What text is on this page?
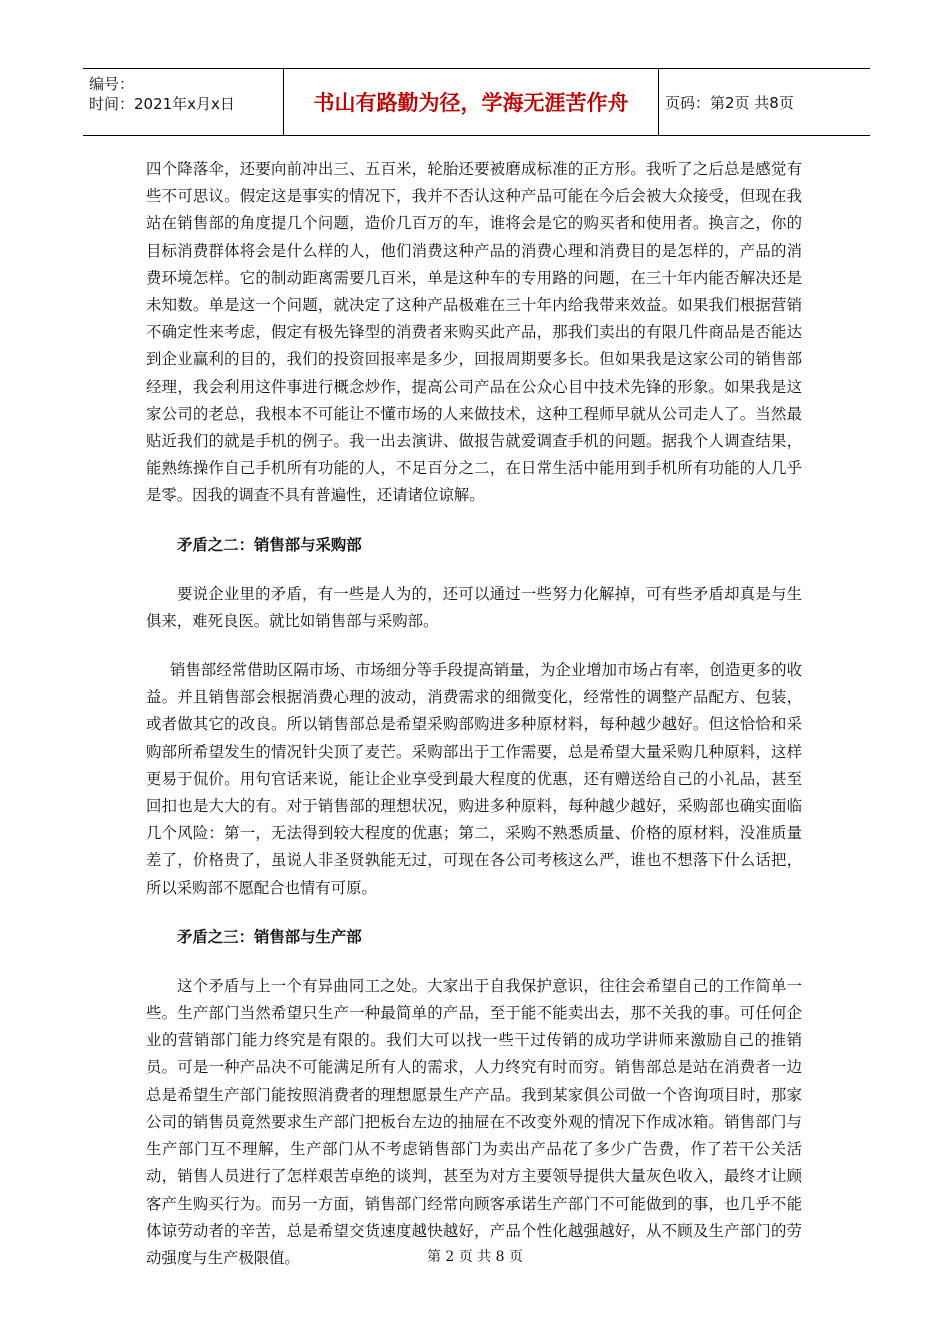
编号：
时间：2021年x月x日	书山有路勤为径，学海无涯苦作舟	页码：第2页 共8页

四个降落伞，还要向前冲出三、五百米，轮胎还要被磨成标准的正方形。我听了之后总是感觉有些不可思议。假定这是事实的情况下，我并不否认这种产品可能在今后会被大众接受，但现在我站在销售部的角度提几个问题，造价几百万的车，谁将会是它的购买者和使用者。换言之，你的目标消费群体将会是什么样的人，他们消费这种产品的消费心理和消费目的是怎样的，产品的消费环境怎样。它的制动距离需要几百米，单是这种车的专用路的问题，在三十年内能否解决还是未知数。单是这一个问题，就决定了这种产品极难在三十年内给我带来效益。如果我们根据营销不确定性来考虑，假定有极先锋型的消费者来购买此产品，那我们卖出的有限几件商品是否能达到企业赢利的目的，我们的投资回报率是多少，回报周期要多长。但如果我是这家公司的销售部经理，我会利用这件事进行概念炒作，提高公司产品在公众心目中技术先锋的形象。如果我是这家公司的老总，我根本不可能让不懂市场的人来做技术，这种工程师早就从公司走人了。当然最贴近我们的就是手机的例子。我一出去演讲、做报告就爱调查手机的问题。据我个人调查结果，能熟练操作自己手机所有功能的人，不足百分之二，在日常生活中能用到手机所有功能的人几乎是零。因我的调查不具有普遍性，还请诸位谅解。

矛盾之二：销售部与采购部

要说企业里的矛盾，有一些是人为的，还可以通过一些努力化解掉，可有些矛盾却真是与生俱来，难死良医。就比如销售部与采购部。

销售部经常借助区隔市场、市场细分等手段提高销量，为企业增加市场占有率，创造更多的收益。并且销售部会根据消费心理的波动，消费需求的细微变化，经常性的调整产品配方、包装，或者做其它的改良。所以销售部总是希望采购部购进多种原材料，每种越少越好。但这恰恰和采购部所希望发生的情况针尖顶了麦芒。采购部出于工作需要，总是希望大量采购几种原料，这样更易于侃价。用句官话来说，能让企业享受到最大程度的优惠，还有赠送给自己的小礼品，甚至回扣也是大大的有。对于销售部的理想状况，购进多种原料，每种越少越好，采购部也确实面临几个风险：第一，无法得到较大程度的优惠；第二，采购不熟悉质量、价格的原材料，没准质量差了，价格贵了，虽说人非圣贤孰能无过，可现在各公司考核这么严，谁也不想落下什么话把，所以采购部不愿配合也情有可原。

矛盾之三：销售部与生产部

这个矛盾与上一个有异曲同工之处。大家出于自我保护意识，往往会希望自己的工作简单一些。生产部门当然希望只生产一种最简单的产品，至于能不能卖出去，那不关我的事。可任何企业的营销部门能力终究是有限的。我们大可以找一些干过传销的成功学讲师来激励自己的推销员。可是一种产品决不可能满足所有人的需求，人力终究有时而穷。销售部总是站在消费者一边总是希望生产部门能按照消费者的理想愿景生产产品。我到某家俱公司做一个咨询项目时，那家公司的销售员竟然要求生产部门把板台左边的抽屉在不改变外观的情况下作成冰箱。销售部门与生产部门互不理解，生产部门从不考虑销售部门为卖出产品花了多少广告费，作了若干公关活动，销售人员进行了怎样艰苦卓绝的谈判，甚至为对方主要领导提供大量灰色收入，最终才让顾客产生购买行为。而另一方面，销售部门经常向顾客承诺生产部门不可能做到的事，也几乎不能体谅劳动者的辛苦，总是希望交货速度越快越好，产品个性化越强越好，从不顾及生产部门的劳动强度与生产极限值。	第 2 页 共 8 页
